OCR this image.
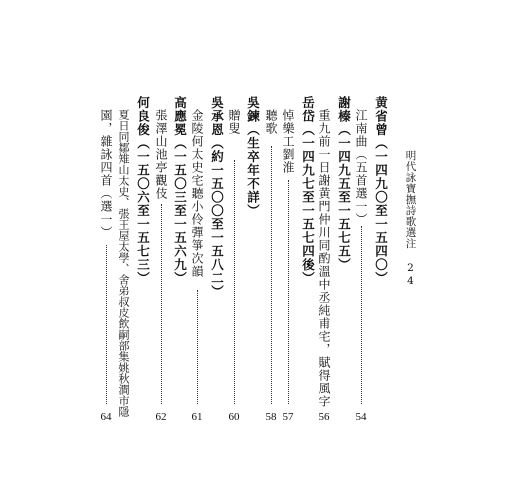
明代詠寶撫詩歌選注
24
黄省曾（一四九〇至一五四〇）
江南曲（五首選一）
54
謝榛（一四九五至一五七五）
重九前一日謝黄門仲川同酌溫中丞純甫宅，賦得風字
56
岳岱（一四九七至一五七四後）
悼樂工劉淮
57
聽歌
58
吳鍊（生卒年不詳）
贈叟
60
吳承恩（約一五〇〇至一五八二）
金陵何太史宅聽小伶彈箏次韻
61
高應冕（一五〇三至一五六九）
張澤山池亭觀伎
62
何良俊（一五〇六至一五七三）
夏日同鄒雉山太史、張王屋太學、舍弟叔皮飲嗣部集姚秋澗市隱
園，雜詠四首（選一）
64
